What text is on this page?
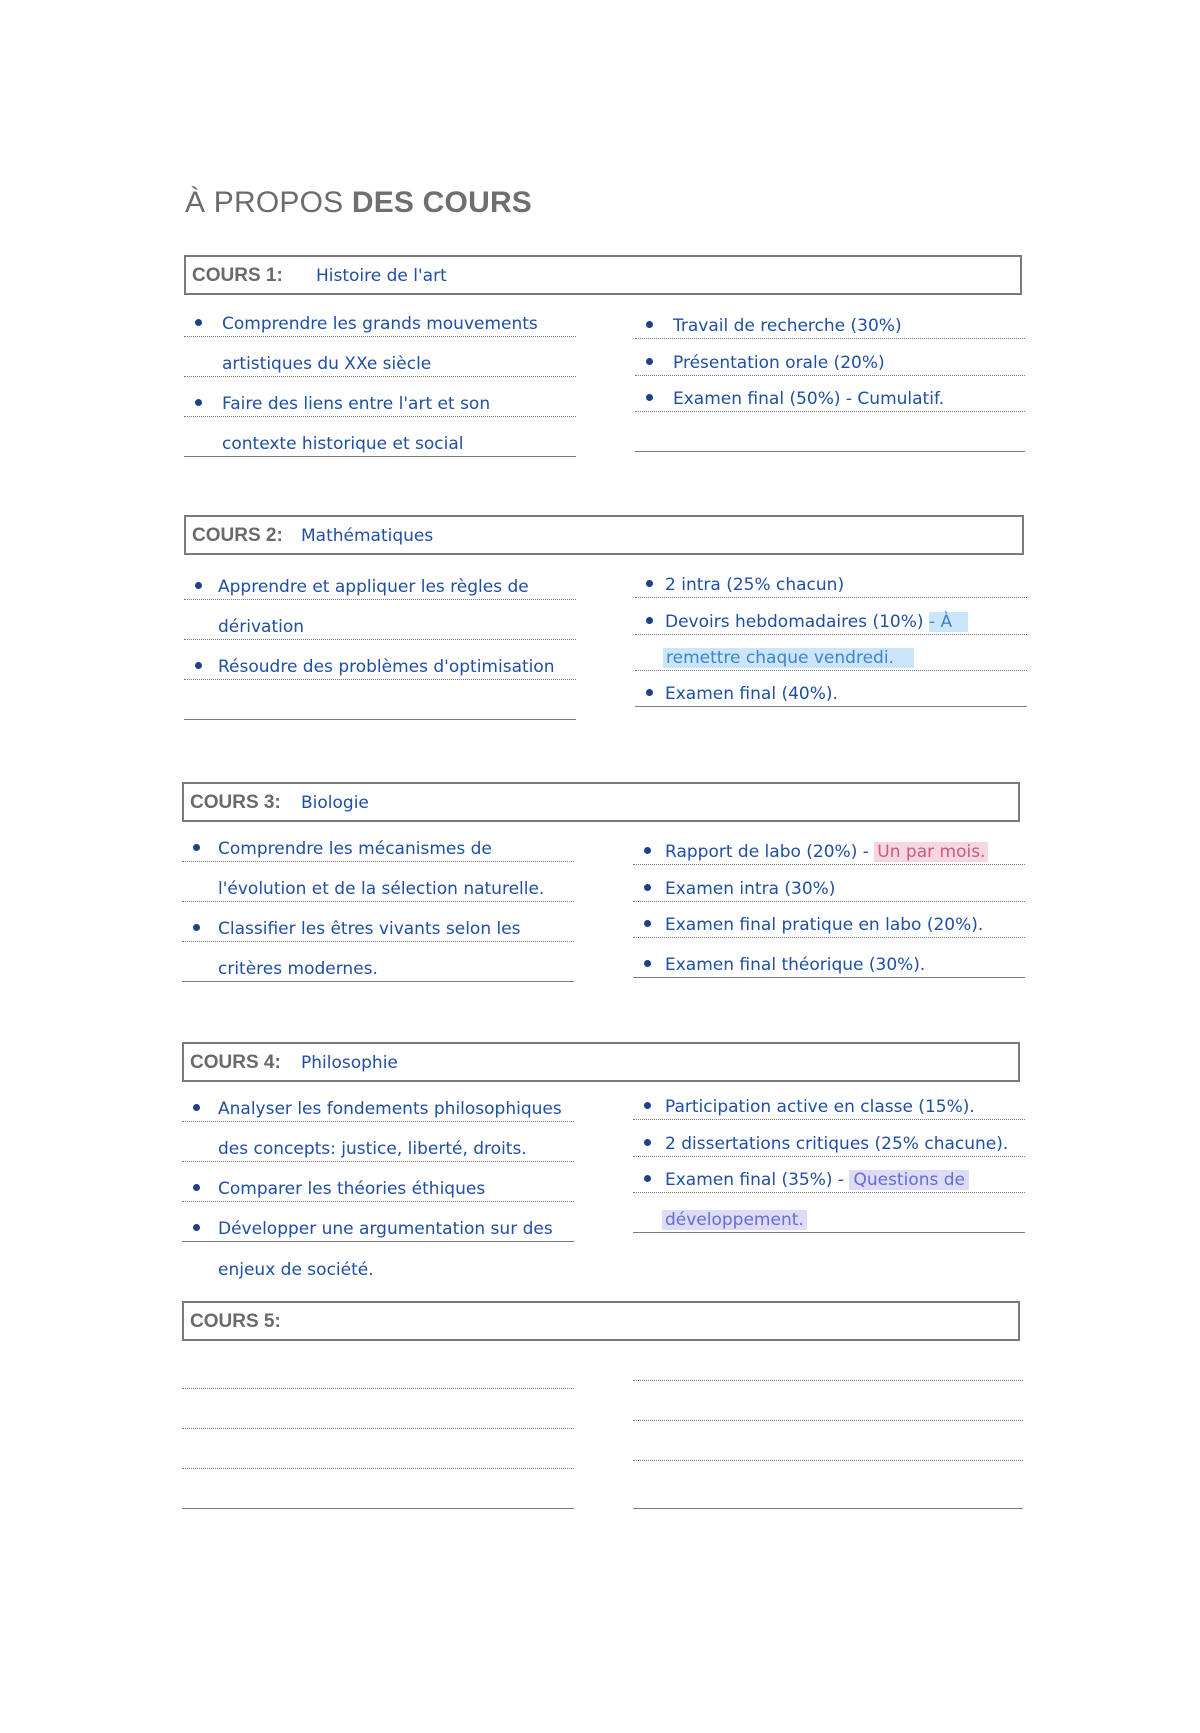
À PROPOS DES COURS
COURS 1: Histoire de l'art
Comprendre les grands mouvements
artistiques du XXe siècle
Faire des liens entre l'art et son
contexte historique et social
Travail de recherche (30%)
Présentation orale (20%)
Examen final (50%) - Cumulatif.
COURS 2: Mathématiques
Apprendre et appliquer les règles de
dérivation
Résoudre des problèmes d'optimisation
2 intra (25% chacun)
Devoirs hebdomadaires (10%) - À
remettre chaque vendredi.
Examen final (40%).
COURS 3: Biologie
Comprendre les mécanismes de
l'évolution et de la sélection naturelle.
Classifier les êtres vivants selon les
critères modernes.
Rapport de labo (20%) - Un par mois.
Examen intra (30%)
Examen final pratique en labo (20%).
Examen final théorique (30%).
COURS 4: Philosophie
Analyser les fondements philosophiques
des concepts: justice, liberté, droits.
Comparer les théories éthiques
Développer une argumentation sur des
enjeux de société.
Participation active en classe (15%).
2 dissertations critiques (25% chacune).
Examen final (35%) - Questions de
développement.
COURS 5:
